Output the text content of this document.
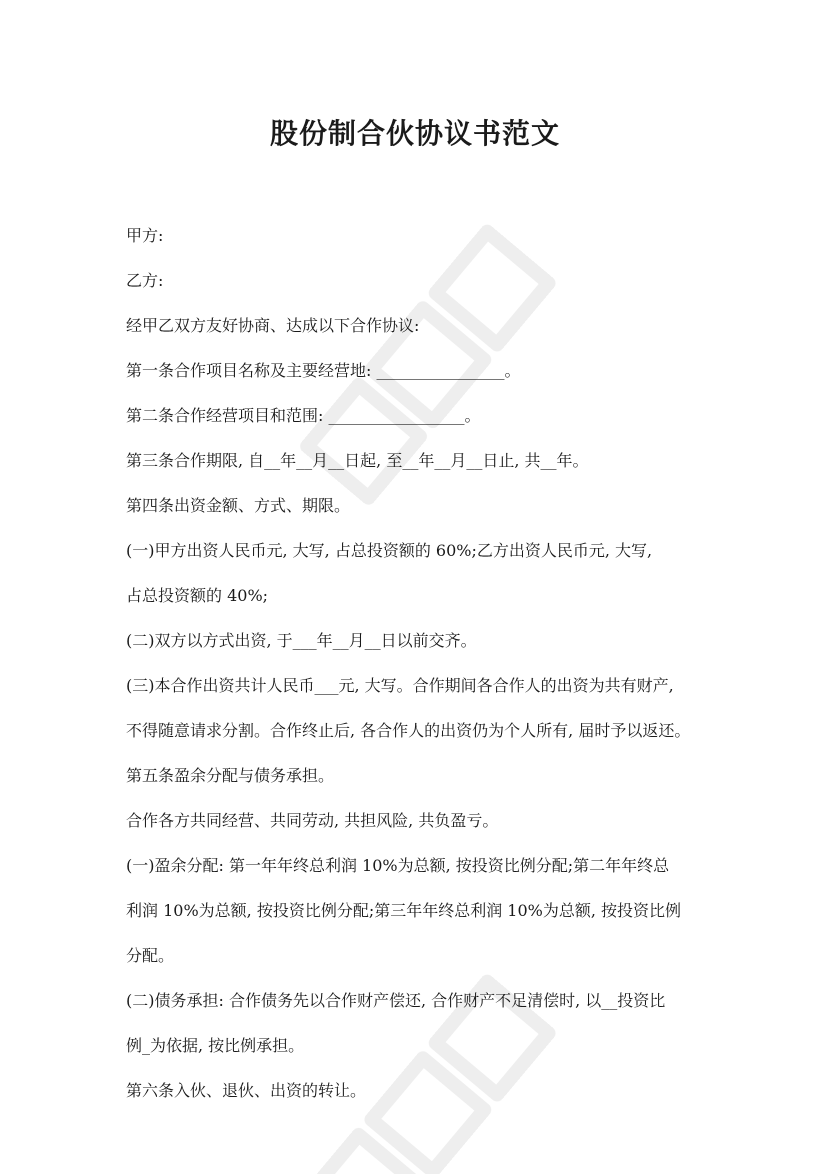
股份制合伙协议书范文
甲方:
乙方:
经甲乙双方友好协商、达成以下合作协议:
第一条合作项目名称及主要经营地: ________________。
第二条合作经营项目和范围: _________________。
第三条合作期限, 自__年__月__日起, 至__年__月__日止, 共__年。
第四条出资金额、方式、期限。
(一)甲方出资人民币元, 大写, 占总投资额的 60%;乙方出资人民币元, 大写,
占总投资额的 40%;
(二)双方以方式出资, 于___年__月__日以前交齐。
(三)本合作出资共计人民币___元, 大写。合作期间各合作人的出资为共有财产,
不得随意请求分割。合作终止后, 各合作人的出资仍为个人所有, 届时予以返还。
第五条盈余分配与债务承担。
合作各方共同经营、共同劳动, 共担风险, 共负盈亏。
(一)盈余分配: 第一年年终总利润 10%为总额, 按投资比例分配;第二年年终总
利润 10%为总额, 按投资比例分配;第三年年终总利润 10%为总额, 按投资比例
分配。
(二)债务承担: 合作债务先以合作财产偿还, 合作财产不足清偿时, 以__投资比
例_为依据, 按比例承担。
第六条入伙、退伙、出资的转让。
